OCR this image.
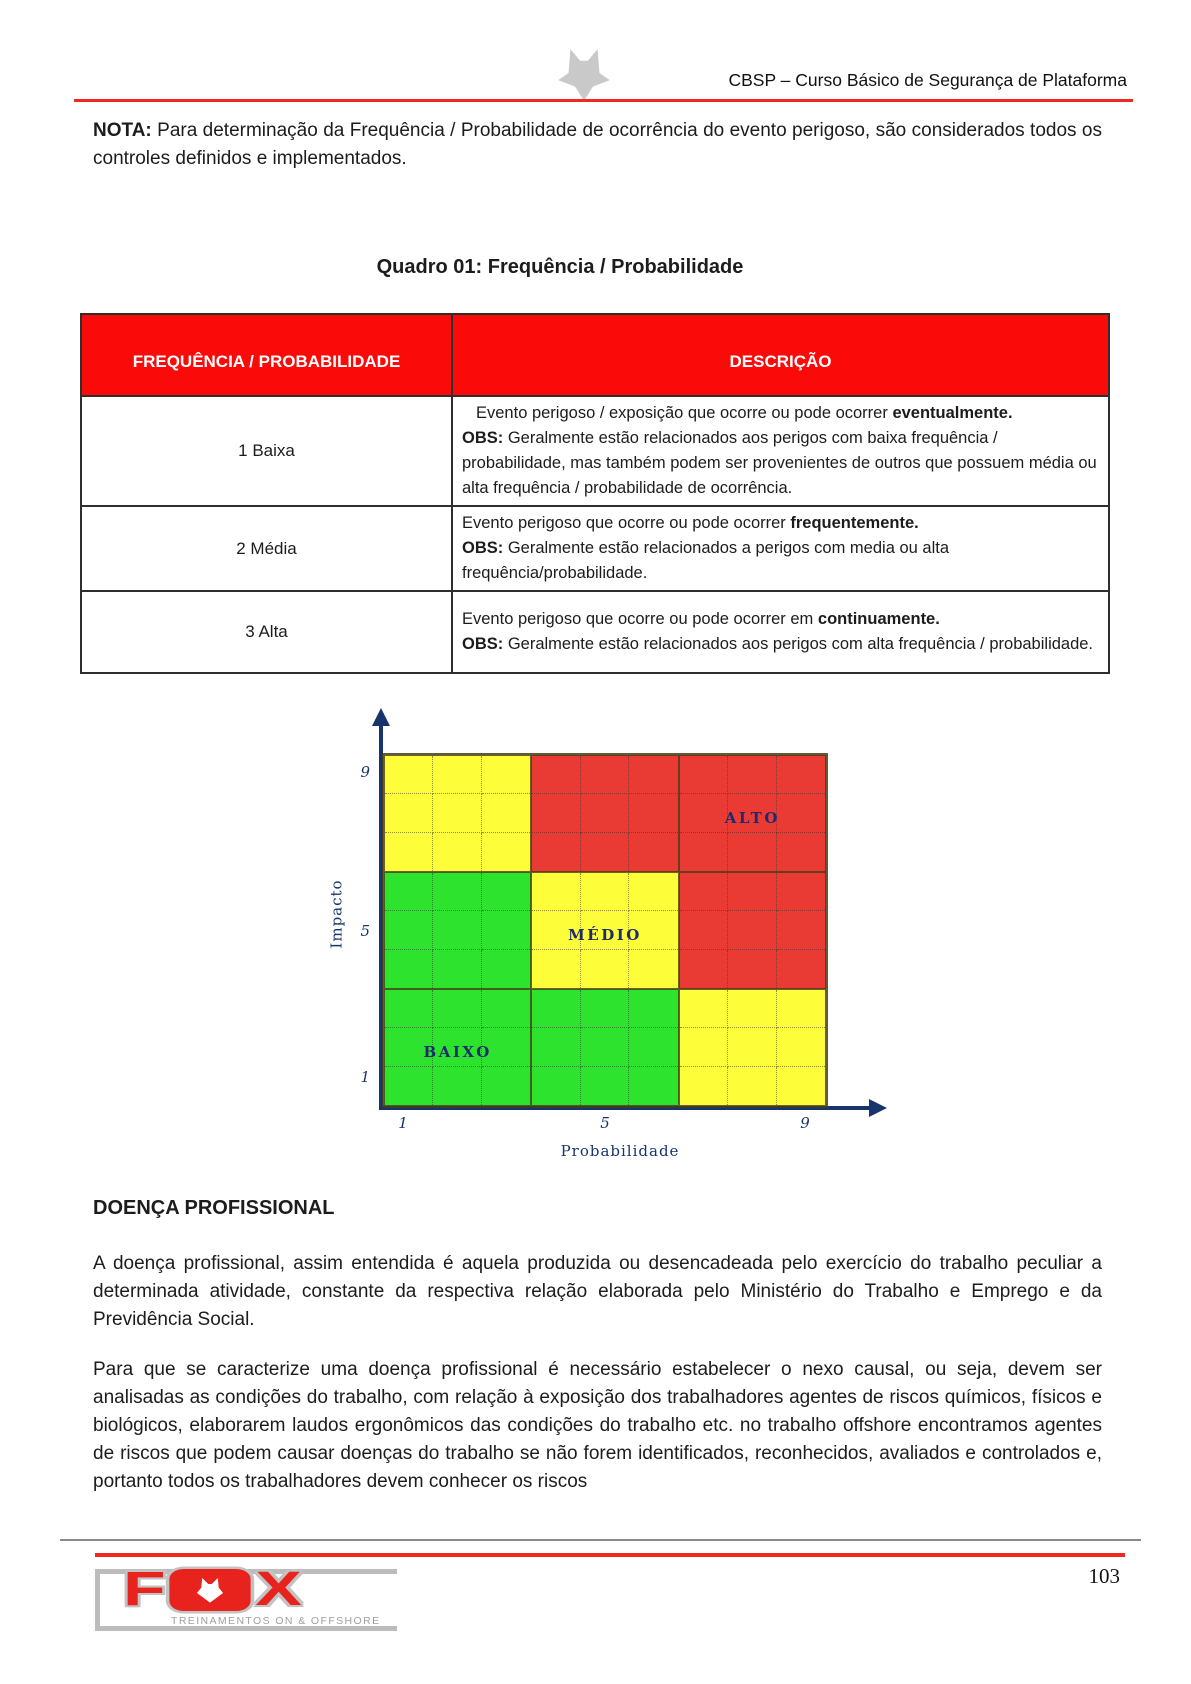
CBSP – Curso Básico de Segurança de Plataforma

NOTA: Para determinação da Frequência / Probabilidade de ocorrência do evento perigoso, são considerados todos os controles definidos e implementados.

Quadro 01: Frequência / Probabilidade
FREQUÊNCIA / PROBABILIDADE	DESCRIÇÃO
1 Baixa	Evento perigoso / exposição que ocorre ou pode ocorrer eventualmente.

OBS: Geralmente estão relacionados aos perigos com baixa frequência / probabilidade, mas também podem ser provenientes de outros que possuem média ou alta frequência / probabilidade de ocorrência.

2 Média	Evento perigoso que ocorre ou pode ocorrer frequentemente.

OBS: Geralmente estão relacionados a perigos com media ou alta frequência/probabilidade.

3 Alta	Evento perigoso que ocorre ou pode ocorrer em continuamente.

OBS: Geralmente estão relacionados aos perigos com alta frequência / probabilidade.

ALTO
MÉDIO
BAIXO
9
5
1
1	5	9
Impacto
Probabilidade
DOENÇA PROFISSIONAL

A doença profissional, assim entendida é aquela produzida ou desencadeada pelo exercício do trabalho peculiar a determinada atividade, constante da respectiva relação elaborada pelo Ministério do Trabalho e Emprego e da Previdência Social.

Para que se caracterize uma doença profissional é necessário estabelecer o nexo causal, ou seja, devem ser analisadas as condições do trabalho, com relação à exposição dos trabalhadores agentes de riscos químicos, físicos e biológicos, elaborarem laudos ergonômicos das condições do trabalho etc. no trabalho offshore encontramos agentes de riscos que podem causar doenças do trabalho se não forem identificados, reconhecidos, avaliados e controlados e, portanto todos os trabalhadores devem conhecer os riscos

F X
TREINAMENTOS ON & OFFSHORE
103
